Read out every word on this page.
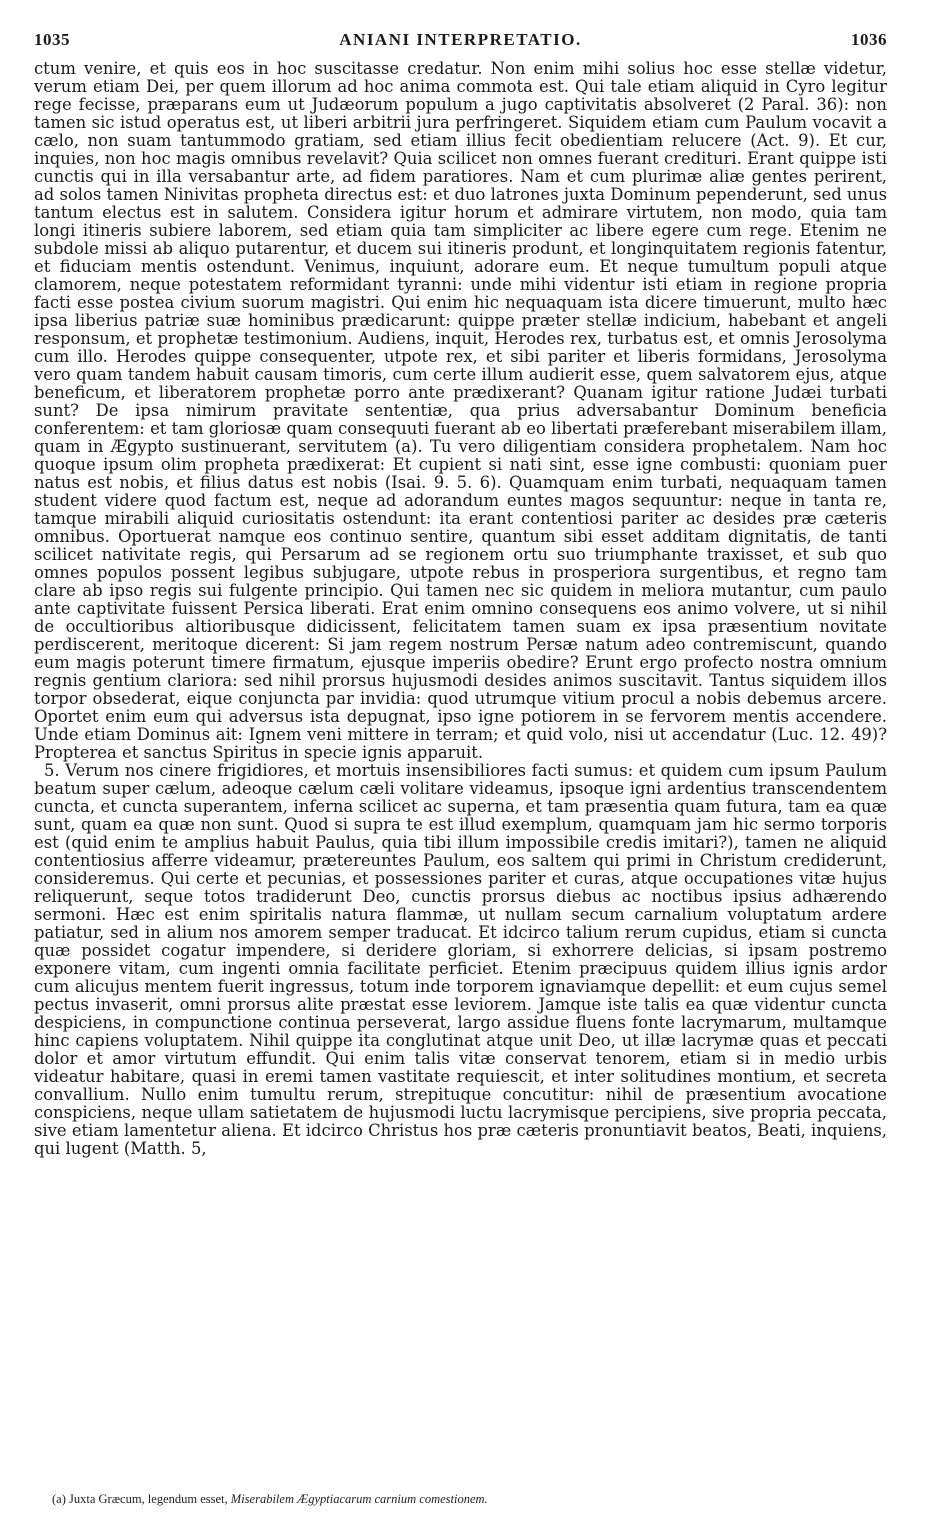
1035	ANIANI INTERPRETATIO.	1036

ctum venire, et quis eos in hoc suscitasse credatur. Non enim mihi solius hoc esse stellæ videtur, verum etiam Dei, per quem illorum ad hoc anima commota est. Qui tale etiam aliquid in Cyro legitur rege fecisse, præparans eum ut Judæorum populum a jugo captivitatis absolveret (2 Paral. 36): non tamen sic istud operatus est, ut liberi arbitrii jura perfringeret. Siquidem etiam cum Paulum vocavit a cælo, non suam tantummodo gratiam, sed etiam illius fecit obedientiam relucere (Act. 9). Et cur, inquies, non hoc magis omnibus revelavit? Quia scilicet non omnes fuerant credituri. Erant quippe isti cunctis qui in illa versabantur arte, ad fidem paratiores. Nam et cum plurimæ aliæ gentes perirent, ad solos tamen Ninivitas propheta directus est: et duo latrones juxta Dominum pependerunt, sed unus tantum electus est in salutem. Considera igitur horum et admirare virtutem, non modo, quia tam longi itineris subiere laborem, sed etiam quia tam simpliciter ac libere egere cum rege. Etenim ne subdole missi ab aliquo putarentur, et ducem sui itineris produnt, et longinquitatem regionis fatentur, et fiduciam mentis ostendunt. Venimus, inquiunt, adorare eum. Et neque tumultum populi atque clamorem, neque potestatem reformidant tyranni: unde mihi videntur isti etiam in regione propria facti esse postea civium suorum magistri. Qui enim hic nequaquam ista dicere timuerunt, multo hæc ipsa liberius patriæ suæ hominibus prædicarunt: quippe præter stellæ indicium, habebant et angeli responsum, et prophetæ testimonium. Audiens, inquit, Herodes rex, turbatus est, et omnis Jerosolyma cum illo. Herodes quippe consequenter, utpote rex, et sibi pariter et liberis formidans, Jerosolyma vero quam tandem habuit causam timoris, cum certe illum audierit esse, quem salvatorem ejus, atque beneficum, et liberatorem prophetæ porro ante prædixerant? Quanam igitur ratione Judæi turbati sunt? De ipsa nimirum pravitate sententiæ, qua prius adversabantur Dominum beneficia conferentem: et tam gloriosæ quam consequuti fuerant ab eo libertati præferebant miserabilem illam, quam in Ægypto sustinuerant, servitutem (a). Tu vero diligentiam considera prophetalem. Nam hoc quoque ipsum olim propheta prædixerat: Et cupient si nati sint, esse igne combusti: quoniam puer natus est nobis, et filius datus est nobis (Isai. 9. 5. 6). Quamquam enim turbati, nequaquam tamen student videre quod factum est, neque ad adorandum euntes magos sequuntur: neque in tanta re, tamque mirabili aliquid curiositatis ostendunt: ita erant contentiosi pariter ac desides præ cæteris omnibus. Oportuerat namque eos continuo sentire, quantum sibi esset additam dignitatis, de tanti scilicet nativitate regis, qui Persarum ad se regionem ortu suo triumphante traxisset, et sub quo omnes populos possent legibus subjugare, utpote rebus in prosperiora surgentibus, et regno tam clare ab ipso regis sui fulgente principio. Qui tamen nec sic quidem in meliora mutantur, cum paulo ante captivitate fuissent Persica liberati. Erat enim omnino consequens eos animo volvere, ut si nihil de occultioribus altioribusque didicissent, felicitatem tamen suam ex ipsa præsentium novitate perdiscerent, meritoque dicerent: Si jam regem nostrum Persæ natum adeo contremiscunt, quando eum magis poterunt timere firmatum, ejusque imperiis obedire? Erunt ergo profecto nostra omnium regnis gentium clariora: sed nihil prorsus hujusmodi desides animos suscitavit. Tantus siquidem illos torpor obsederat, eique conjuncta par invidia: quod utrumque vitium procul a nobis debemus arcere. Oportet enim eum qui adversus ista depugnat, ipso igne potiorem in se fervorem mentis accendere. Unde etiam Dominus ait: Ignem veni mittere in terram; et quid volo, nisi ut accendatur (Luc. 12. 49)? Propterea et sanctus Spiritus in specie ignis apparuit.

5. Verum nos cinere frigidiores, et mortuis insensibiliores facti sumus: et quidem cum ipsum Paulum beatum super cælum, adeoque cælum cæli volitare videamus, ipsoque igni ardentius transcendentem cuncta, et cuncta superantem, inferna scilicet ac superna, et tam præsentia quam futura, tam ea quæ sunt, quam ea quæ non sunt. Quod si supra te est illud exemplum, quamquam jam hic sermo torporis est (quid enim te amplius habuit Paulus, quia tibi illum impossibile credis imitari?), tamen ne aliquid contentiosius afferre videamur, prætereuntes Paulum, eos saltem qui primi in Christum crediderunt, consideremus. Qui certe et pecunias, et possessiones pariter et curas, atque occupationes vitæ hujus reliquerunt, seque totos tradiderunt Deo, cunctis prorsus diebus ac noctibus ipsius adhærendo sermoni. Hæc est enim spiritalis natura flammæ, ut nullam secum carnalium voluptatum ardere patiatur, sed in alium nos amorem semper traducat. Et idcirco talium rerum cupidus, etiam si cuncta quæ possidet cogatur impendere, si deridere gloriam, si exhorrere delicias, si ipsam postremo exponere vitam, cum ingenti omnia facilitate perficiet. Etenim præcipuus quidem illius ignis ardor cum alicujus mentem fuerit ingressus, totum inde torporem ignaviamque depellit: et eum cujus semel pectus invaserit, omni prorsus alite præstat esse leviorem. Jamque iste talis ea quæ videntur cuncta despiciens, in compunctione continua perseverat, largo assidue fluens fonte lacrymarum, multamque hinc capiens voluptatem. Nihil quippe ita conglutinat atque unit Deo, ut illæ lacrymæ quas et peccati dolor et amor virtutum effundit. Qui enim talis vitæ conservat tenorem, etiam si in medio urbis videatur habitare, quasi in eremi tamen vastitate requiescit, et inter solitudines montium, et secreta convallium. Nullo enim tumultu rerum, strepituque concutitur: nihil de præsentium avocatione conspiciens, neque ullam satietatem de hujusmodi luctu lacrymisque percipiens, sive propria peccata, sive etiam lamentetur aliena. Et idcirco Christus hos præ cæteris pronuntiavit beatos, Beati, inquiens, qui lugent (Matth. 5,

(a) Juxta Græcum, legendum esset, Miserabilem Ægyptiacarum carnium comestionem.
